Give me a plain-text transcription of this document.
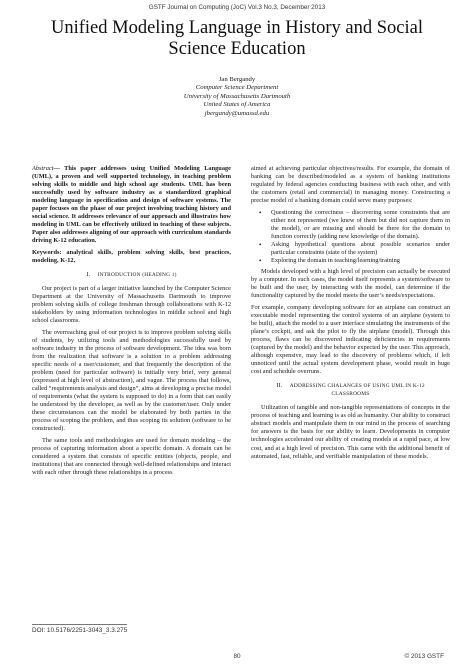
GSTF Journal on Computing (JoC) Vol.3 No.3, December 2013
Unified Modeling Language in History and Social
Science Education
Jan Bergandy
Computer Science Department
University of Massachusetts Dartmouth
United States of America
jbergandy@umassd.edu

Abstract— This paper addresses using Unified Modeling Language (UML), a proven and well supported technology, in teaching problem solving skills to middle and high school age students. UML has been successfully used by software industry as a standardized graphical modeling language in specification and design of software systems. The paper focuses on the phase of our project involving teaching history and social science. It addresses relevance of our approach and illustrates how modeling in UML can be effectively utilized in teaching of these subjects. Paper also addresses aligning of our approach with curriculum standards driving K-12 education.

Keywords: analytical skills, problem solving skills, best practices, modeling, K-12,

I. INTRODUCTION (HEADING 1)

Our project is part of a larger initiative launched by the Computer Science Department at the University of Massachusetts Dartmouth to improve problem solving skills of college freshman through collaborations with K-12 stakeholders by using information technologies in middle school and high school classrooms.

The overreaching goal of our project is to improve problem solving skills of students, by utilizing tools and methodologies successfully used by software industry in the process of software development. The idea was born from the realization that software is a solution to a problem addressing specific needs of a user/customer, and that frequently the description of the problem (need for particular software) is initially very brief, very general (expressed at high level of abstraction), and vague. The process that follows, called “requirements analysis and design”, aims at developing a precise model of requirements (what the system is supposed to do) in a form that can easily be understood by the developer, as well as by the customer/user. Only under these circumstances can the model be elaborated by both parties in the process of scoping the problem, and thus scoping its solution (software to be constructed).

The same tools and methodologies are used for domain modeling – the process of capturing information about a specific domain. A domain can be considered a system that consists of specific entities (objects, people, and institutions) that are connected through well-defined relationships and interact with each other through these relationships in a process

aimed at achieving particular objectives/results. For example, the domain of banking can be described/modeled as a system of banking institutions regulated by federal agencies conducting business with each other, and with the customers (retail and commercial) in managing money. Constructing a precise model of a banking domain could serve many purposes:

• Questioning the correctness – discovering some constraints that are either not represented (we knew of them but did not capture them in the model), or are missing and should be there for the domain to function correctly (adding new knowledge of the domain).
• Asking hypothetical questions about possible scenarios under particular constraints (state of the system)
• Exploring the domain in teaching/learning/training

Models developed with a high level of precision can actually be executed by a computer. In such cases, the model itself represents a system/software to be built and the user, by interacting with the model, can determine if the functionality captured by the model meets the user’s needs/expectations.

For example, company developing software for an airplane can construct an executable model representing the control systems of an airplane (system to be built), attach the model to a user interface simulating the instruments of the plane’s cockpit, and ask the pilot to fly the airplane (model). Through this process, flaws can be discovered indicating deficiencies in requirements (captured by the model) and the behavior expected by the user. This approach, although expensive, may lead to the discovery of problems which, if left unnoticed until the actual system development phase, would result in huge cost and schedule overruns.

II. ADDRESSING CHALANGES OF USING UML IN K-12
CLASSROOMS

Utilization of tangible and non-tangible representations of concepts in the process of teaching and learning is as old as humanity. Our ability to construct abstract models and manipulate them in our mind in the process of searching for answers is the basis for our ability to learn. Developments in computer technologies accelerated our ability of creating models at a rapid pace, at low cost, and at a high level of precision. This came with the additional benefit of automated, fast, reliable, and verifiable manipulation of these models.

DOI: 10.5176/2251-3043_3.3.275
80	© 2013 GSTF
